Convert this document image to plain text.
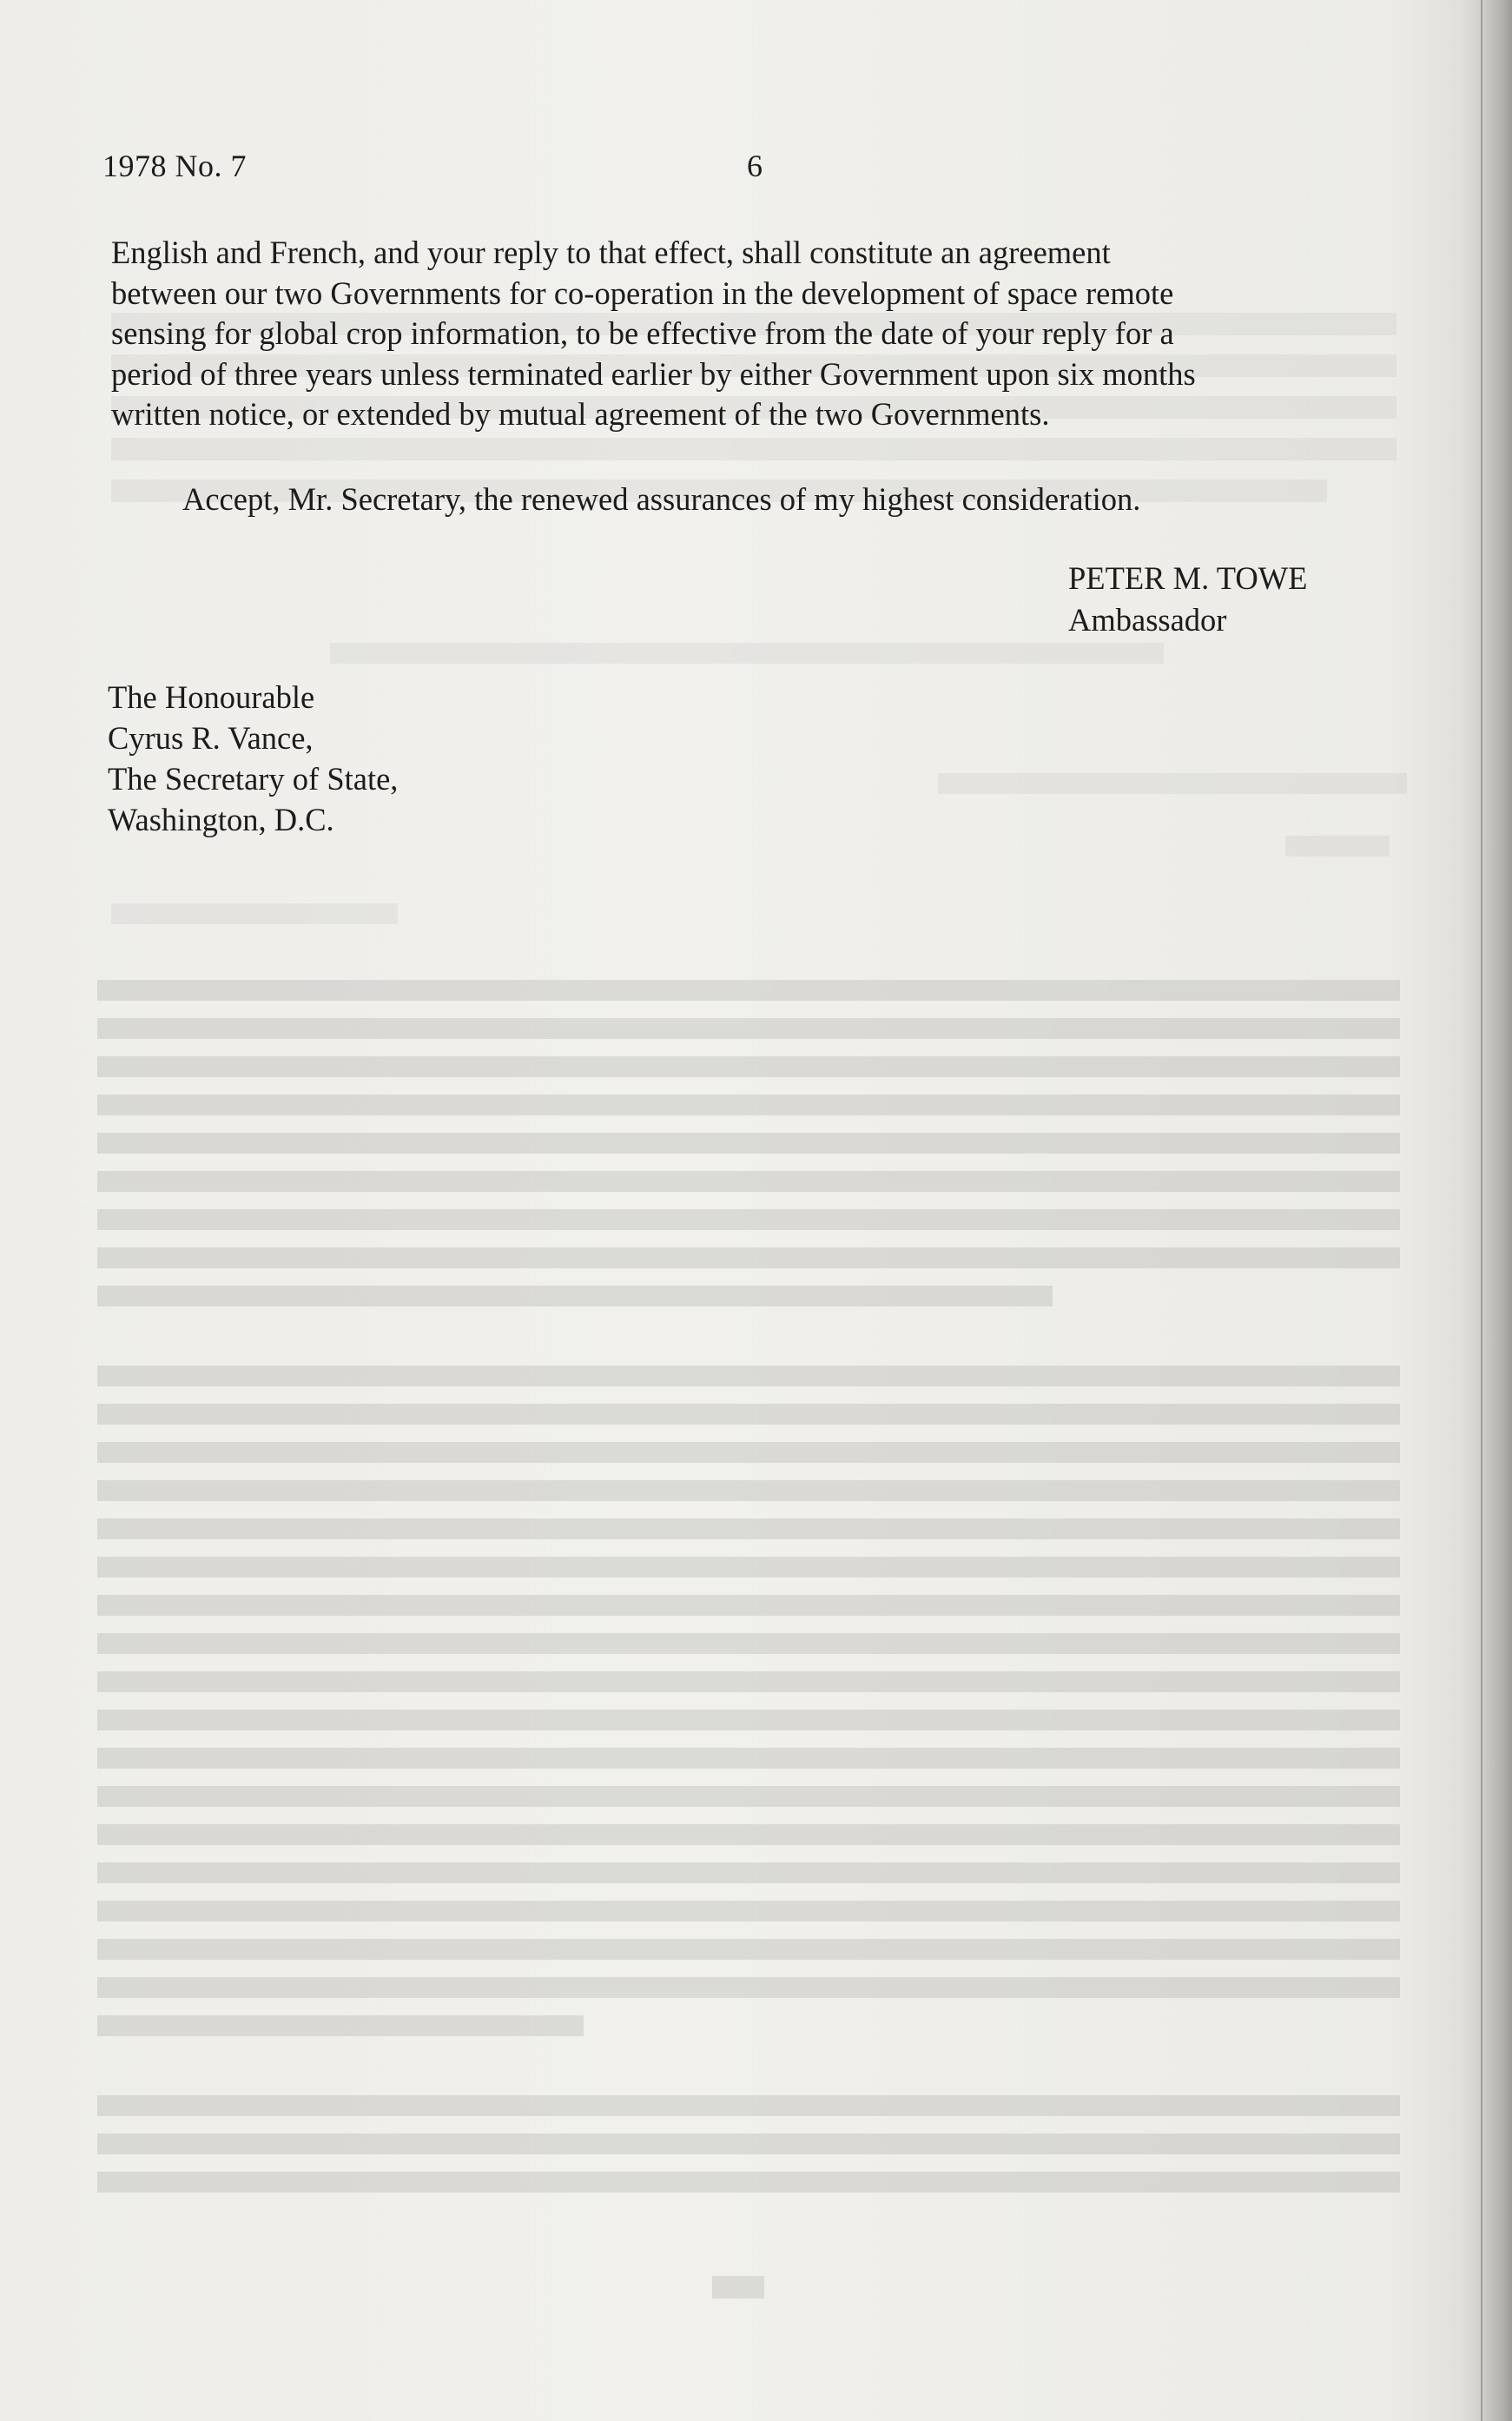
1978 No. 7	6

English and French, and your reply to that effect, shall constitute an agreement

between our two Governments for co-operation in the development of space remote

sensing for global crop information, to be effective from the date of your reply for a

period of three years unless terminated earlier by either Government upon six months

written notice, or extended by mutual agreement of the two Governments.

Accept, Mr. Secretary, the renewed assurances of my highest consideration.
PETER M. TOWE
Ambassador
The Honourable
Cyrus R. Vance,
The Secretary of State,
Washington, D.C.
